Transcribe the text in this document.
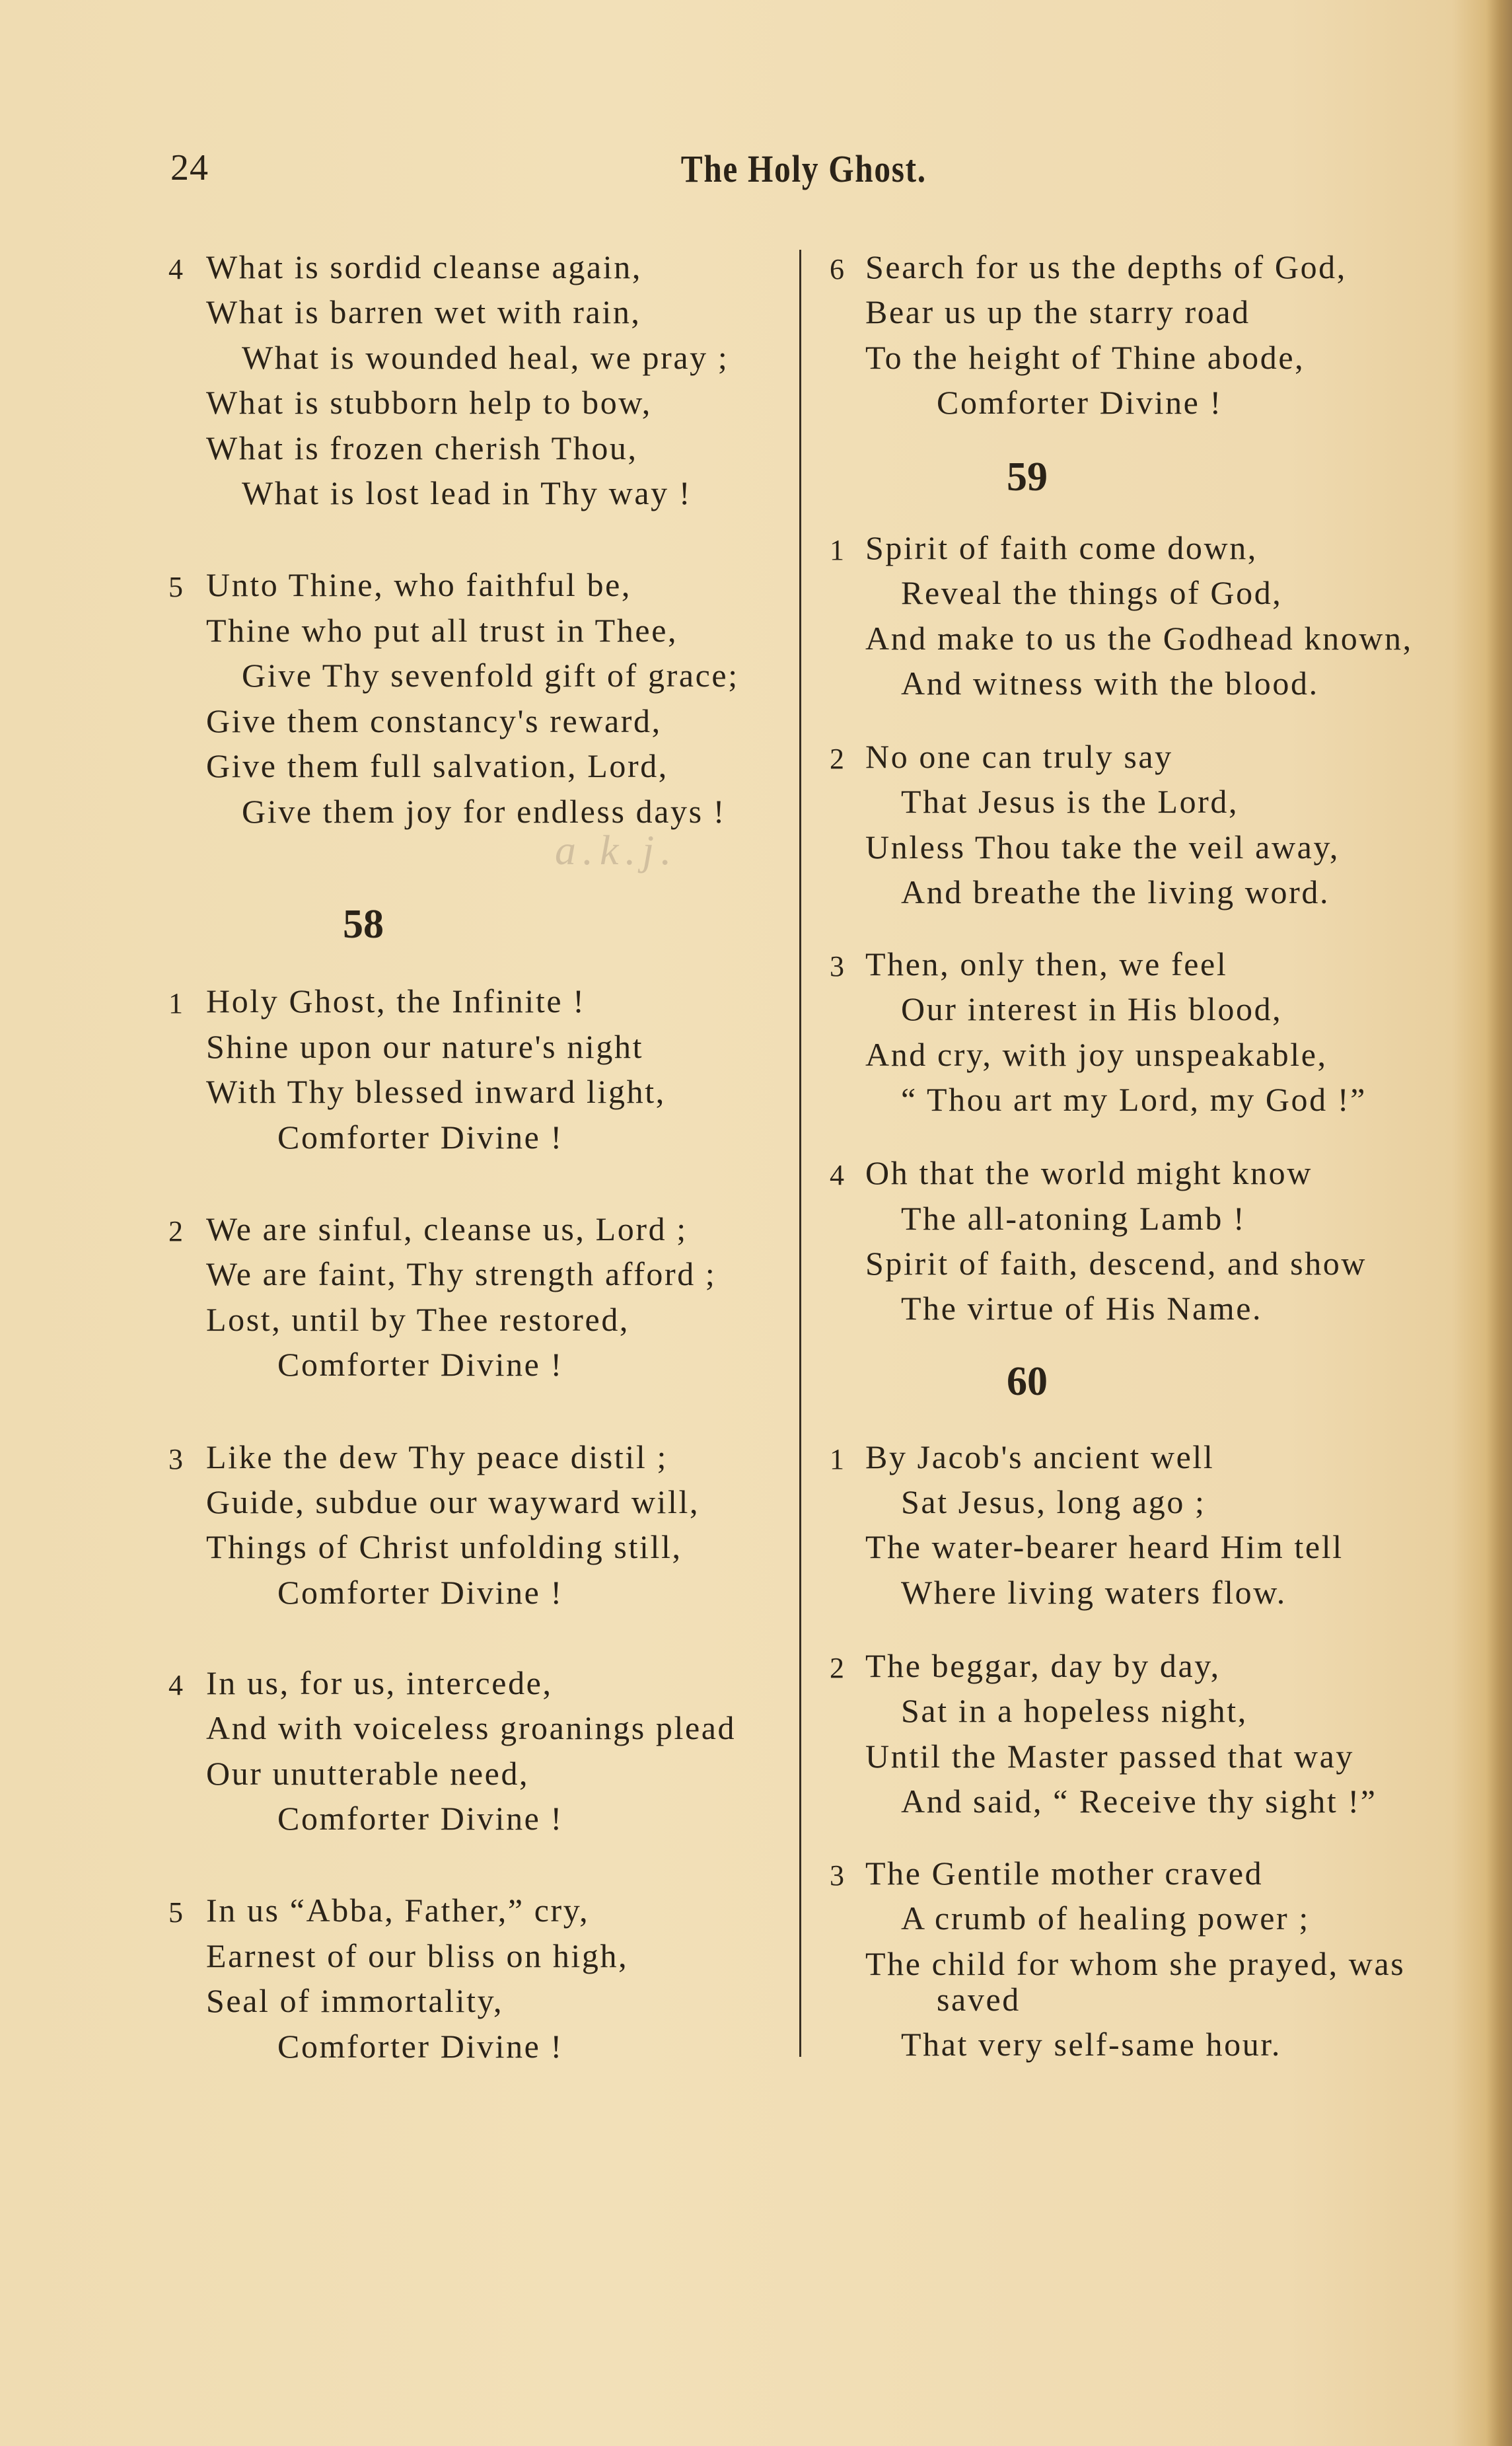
24	The Holy Ghost.
a.k.j.
4 What is sordid cleanse again,
What is barren wet with rain,
What is wounded heal, we pray ;
What is stubborn help to bow,
What is frozen cherish Thou,
What is lost lead in Thy way !
5 Unto Thine, who faithful be,
Thine who put all trust in Thee,
Give Thy sevenfold gift of grace;
Give them constancy's reward,
Give them full salvation, Lord,
Give them joy for endless days !
58
1 Holy Ghost, the Infinite !
Shine upon our nature's night
With Thy blessed inward light,
Comforter Divine !
2 We are sinful, cleanse us, Lord ;
We are faint, Thy strength afford ;
Lost, until by Thee restored,
Comforter Divine !
3 Like the dew Thy peace distil ;
Guide, subdue our wayward will,
Things of Christ unfolding still,
Comforter Divine !
4 In us, for us, intercede,
And with voiceless groanings plead
Our unutterable need,
Comforter Divine !
5 In us “Abba, Father,” cry,
Earnest of our bliss on high,
Seal of immortality,
Comforter Divine !
6 Search for us the depths of God,
Bear us up the starry road
To the height of Thine abode,
Comforter Divine !
59
1 Spirit of faith come down,
Reveal the things of God,
And make to us the Godhead known,
And witness with the blood.
2 No one can truly say
That Jesus is the Lord,
Unless Thou take the veil away,
And breathe the living word.
3 Then, only then, we feel
Our interest in His blood,
And cry, with joy unspeakable,
“ Thou art my Lord, my God !”
4 Oh that the world might know
The all-atoning Lamb !
Spirit of faith, descend, and show
The virtue of His Name.
60
1 By Jacob's ancient well
Sat Jesus, long ago ;
The water-bearer heard Him tell
Where living waters flow.
2 The beggar, day by day,
Sat in a hopeless night,
Until the Master passed that way
And said, “ Receive thy sight !”
3 The Gentile mother craved
A crumb of healing power ;
The child for whom she prayed, was
saved
That very self-same hour.
